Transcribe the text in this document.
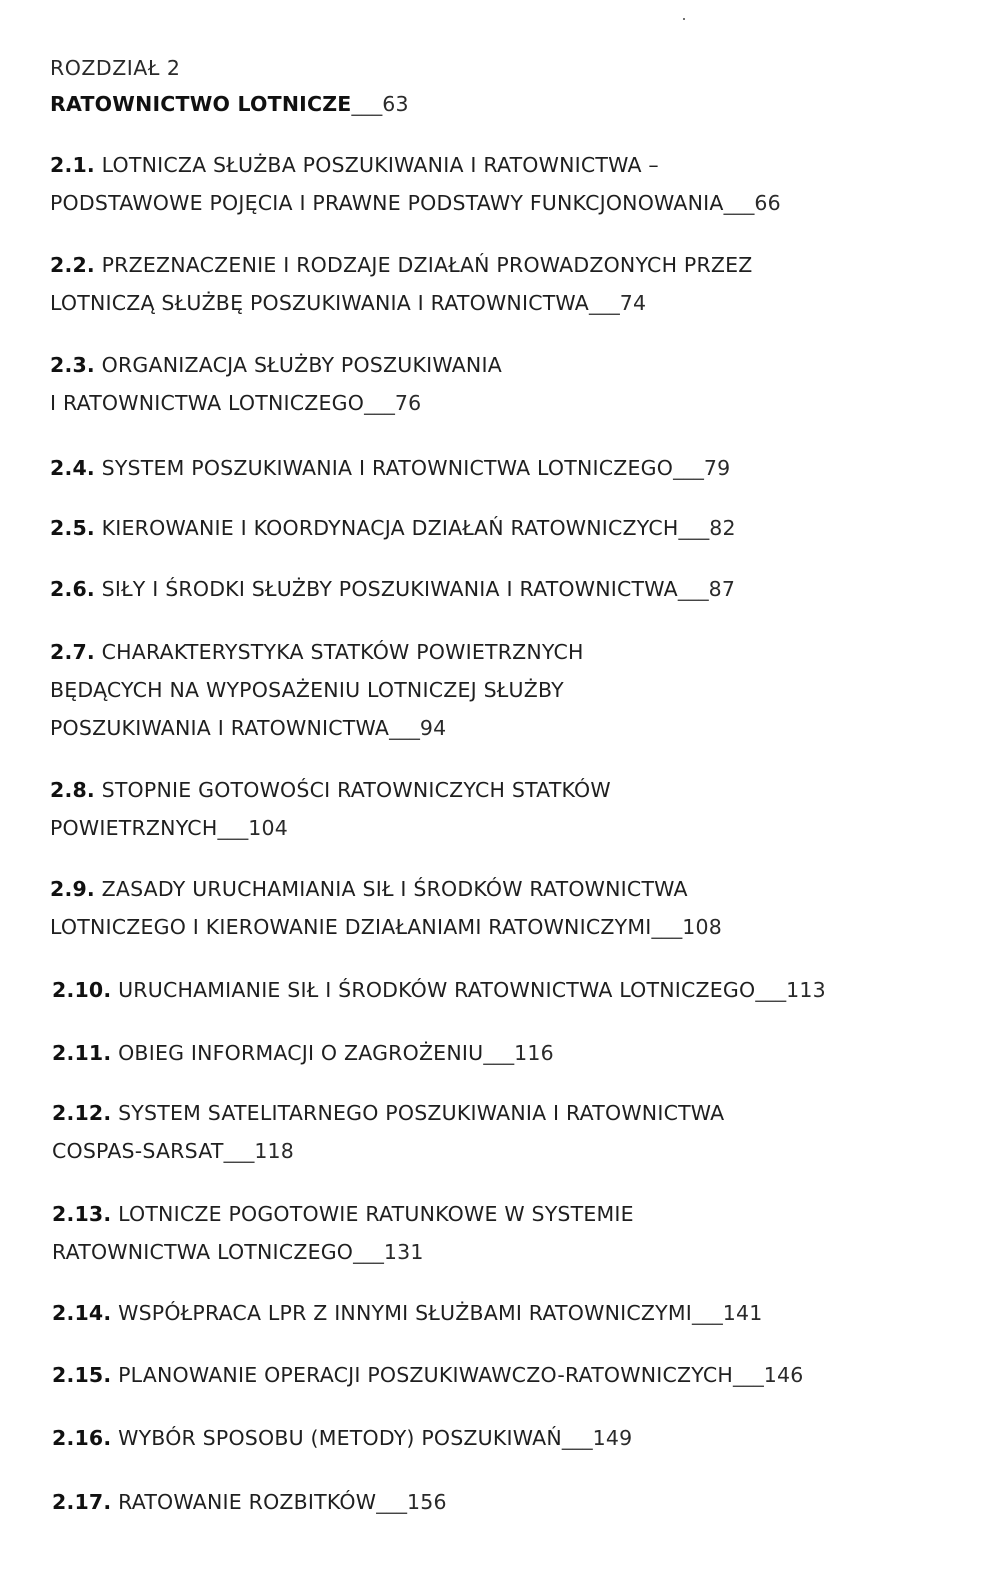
ROZDZIAŁ 2
RATOWNICTWO LOTNICZE___63
2.1. LOTNICZA SŁUŻBA POSZUKIWANIA I RATOWNICTWA –
PODSTAWOWE POJĘCIA I PRAWNE PODSTAWY FUNKCJONOWANIA___66
2.2. PRZEZNACZENIE I RODZAJE DZIAŁAŃ PROWADZONYCH PRZEZ
LOTNICZĄ SŁUŻBĘ POSZUKIWANIA I RATOWNICTWA___74
2.3. ORGANIZACJA SŁUŻBY POSZUKIWANIA
I RATOWNICTWA LOTNICZEGO___76
2.4. SYSTEM POSZUKIWANIA I RATOWNICTWA LOTNICZEGO___79
2.5. KIEROWANIE I KOORDYNACJA DZIAŁAŃ RATOWNICZYCH___82
2.6. SIŁY I ŚRODKI SŁUŻBY POSZUKIWANIA I RATOWNICTWA___87
2.7. CHARAKTERYSTYKA STATKÓW POWIETRZNYCH
BĘDĄCYCH NA WYPOSAŻENIU LOTNICZEJ SŁUŻBY
POSZUKIWANIA I RATOWNICTWA___94
2.8. STOPNIE GOTOWOŚCI RATOWNICZYCH STATKÓW
POWIETRZNYCH___104
2.9. ZASADY URUCHAMIANIA SIŁ I ŚRODKÓW RATOWNICTWA
LOTNICZEGO I KIEROWANIE DZIAŁANIAMI RATOWNICZYMI___108
2.10. URUCHAMIANIE SIŁ I ŚRODKÓW RATOWNICTWA LOTNICZEGO___113
2.11. OBIEG INFORMACJI O ZAGROŻENIU___116
2.12. SYSTEM SATELITARNEGO POSZUKIWANIA I RATOWNICTWA
COSPAS-SARSAT___118
2.13. LOTNICZE POGOTOWIE RATUNKOWE W SYSTEMIE
RATOWNICTWA LOTNICZEGO___131
2.14. WSPÓŁPRACA LPR Z INNYMI SŁUŻBAMI RATOWNICZYMI___141
2.15. PLANOWANIE OPERACJI POSZUKIWAWCZO-RATOWNICZYCH___146
2.16. WYBÓR SPOSOBU (METODY) POSZUKIWAŃ___149
2.17. RATOWANIE ROZBITKÓW___156
